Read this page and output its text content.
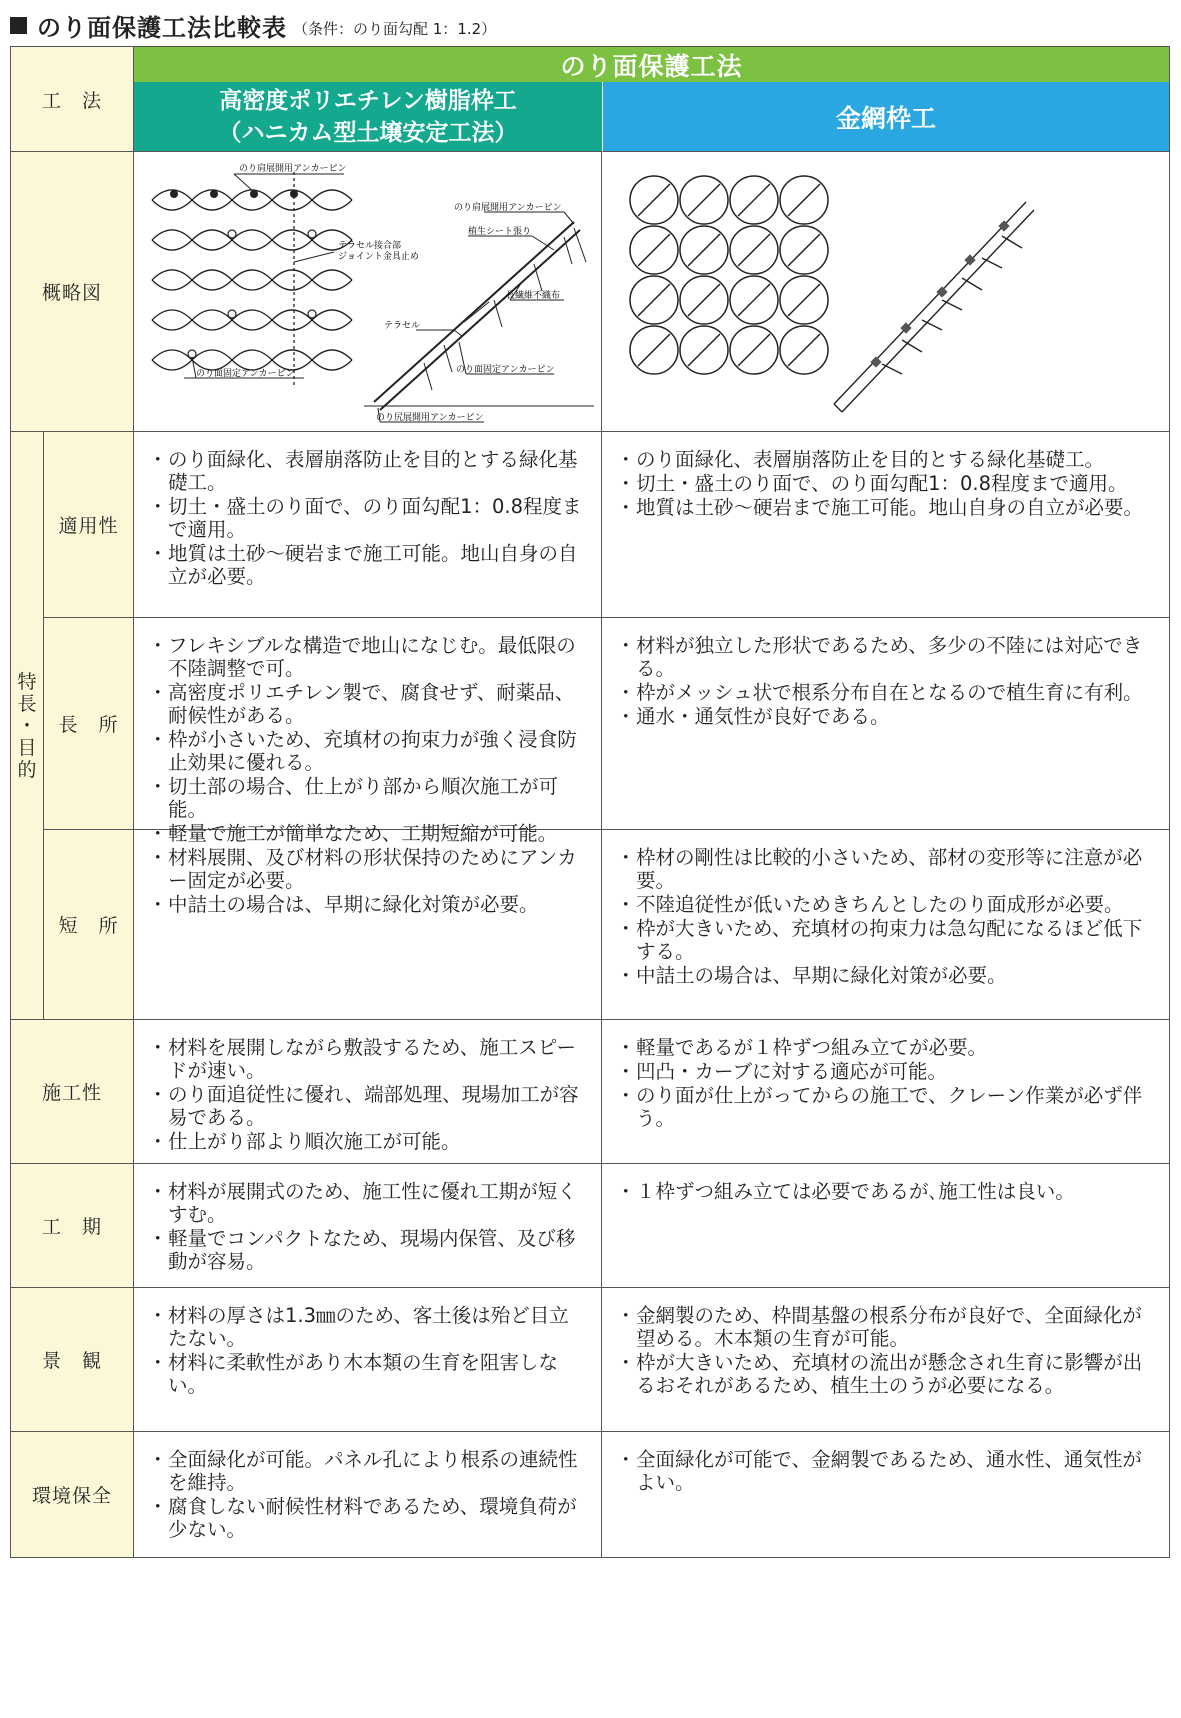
のり面保護工法比較表 （条件：のり面勾配 1：1.2）
工　法
のり面保護工法
高密度ポリエチレン樹脂枠工
（ハニカム型土壌安定工法）	金網枠工
概略図
のり肩展開用アンカーピン
テラセル接合部
ジョイント金具止め
のり面固定アンカーピン
のり肩展開用アンカーピン
植生シート張り
長繊維不織布
テラセル
のり面固定アンカーピン
のり尻展開用アンカーピン
特
長
・
目
的
適用性
・ のり面緑化、表層崩落防止を目的とする緑化基礎工。
・ 切土・盛土のり面で、のり面勾配1：0.8程度まで適用。
・ 地質は土砂～硬岩まで施工可能。地山自身の自立が必要。
・ のり面緑化、表層崩落防止を目的とする緑化基礎工。
・ 切土・盛土のり面で、のり面勾配1：0.8程度まで適用。
・ 地質は土砂～硬岩まで施工可能。地山自身の自立が必要。
長　所
・ フレキシブルな構造で地山になじむ。最低限の不陸調整で可。
・ 高密度ポリエチレン製で、腐食せず、耐薬品、耐候性がある。
・ 枠が小さいため、充填材の拘束力が強く浸食防止効果に優れる。
・ 切土部の場合、仕上がり部から順次施工が可能。
・ 軽量で施工が簡単なため、工期短縮が可能。
・ 材料が独立した形状であるため、多少の不陸には対応できる。
・ 枠がメッシュ状で根系分布自在となるので植生育に有利。
・ 通水・通気性が良好である。
短　所
・ 材料展開、及び材料の形状保持のためにアンカー固定が必要。
・ 中詰土の場合は、早期に緑化対策が必要。
・ 枠材の剛性は比較的小さいため、部材の変形等に注意が必要。
・ 不陸追従性が低いためきちんとしたのり面成形が必要。
・ 枠が大きいため、充填材の拘束力は急勾配になるほど低下する。
・ 中詰土の場合は、早期に緑化対策が必要。
施工性
・ 材料を展開しながら敷設するため、施工スピードが速い。
・ のり面追従性に優れ、端部処理、現場加工が容易である。
・ 仕上がり部より順次施工が可能。
・ 軽量であるが１枠ずつ組み立てが必要。
・ 凹凸・カーブに対する適応が可能。
・ のり面が仕上がってからの施工で、クレーン作業が必ず伴う。
工　期
・ 材料が展開式のため、施工性に優れ工期が短くすむ。
・ 軽量でコンパクトなため、現場内保管、及び移動が容易。
・ １枠ずつ組み立ては必要であるが､施工性は良い。
景　観
・ 材料の厚さは1.3㎜のため、客土後は殆ど目立たない。
・ 材料に柔軟性があり木本類の生育を阻害しない。
・ 金網製のため、枠間基盤の根系分布が良好で、全面緑化が望める。木本類の生育が可能。
・ 枠が大きいため、充填材の流出が懸念され生育に影響が出るおそれがあるため、植生土のうが必要になる。
環境保全
・ 全面緑化が可能。パネル孔により根系の連続性を維持。
・ 腐食しない耐候性材料であるため、環境負荷が少ない。
・ 全面緑化が可能で、金網製であるため、通水性、通気性がよい。
